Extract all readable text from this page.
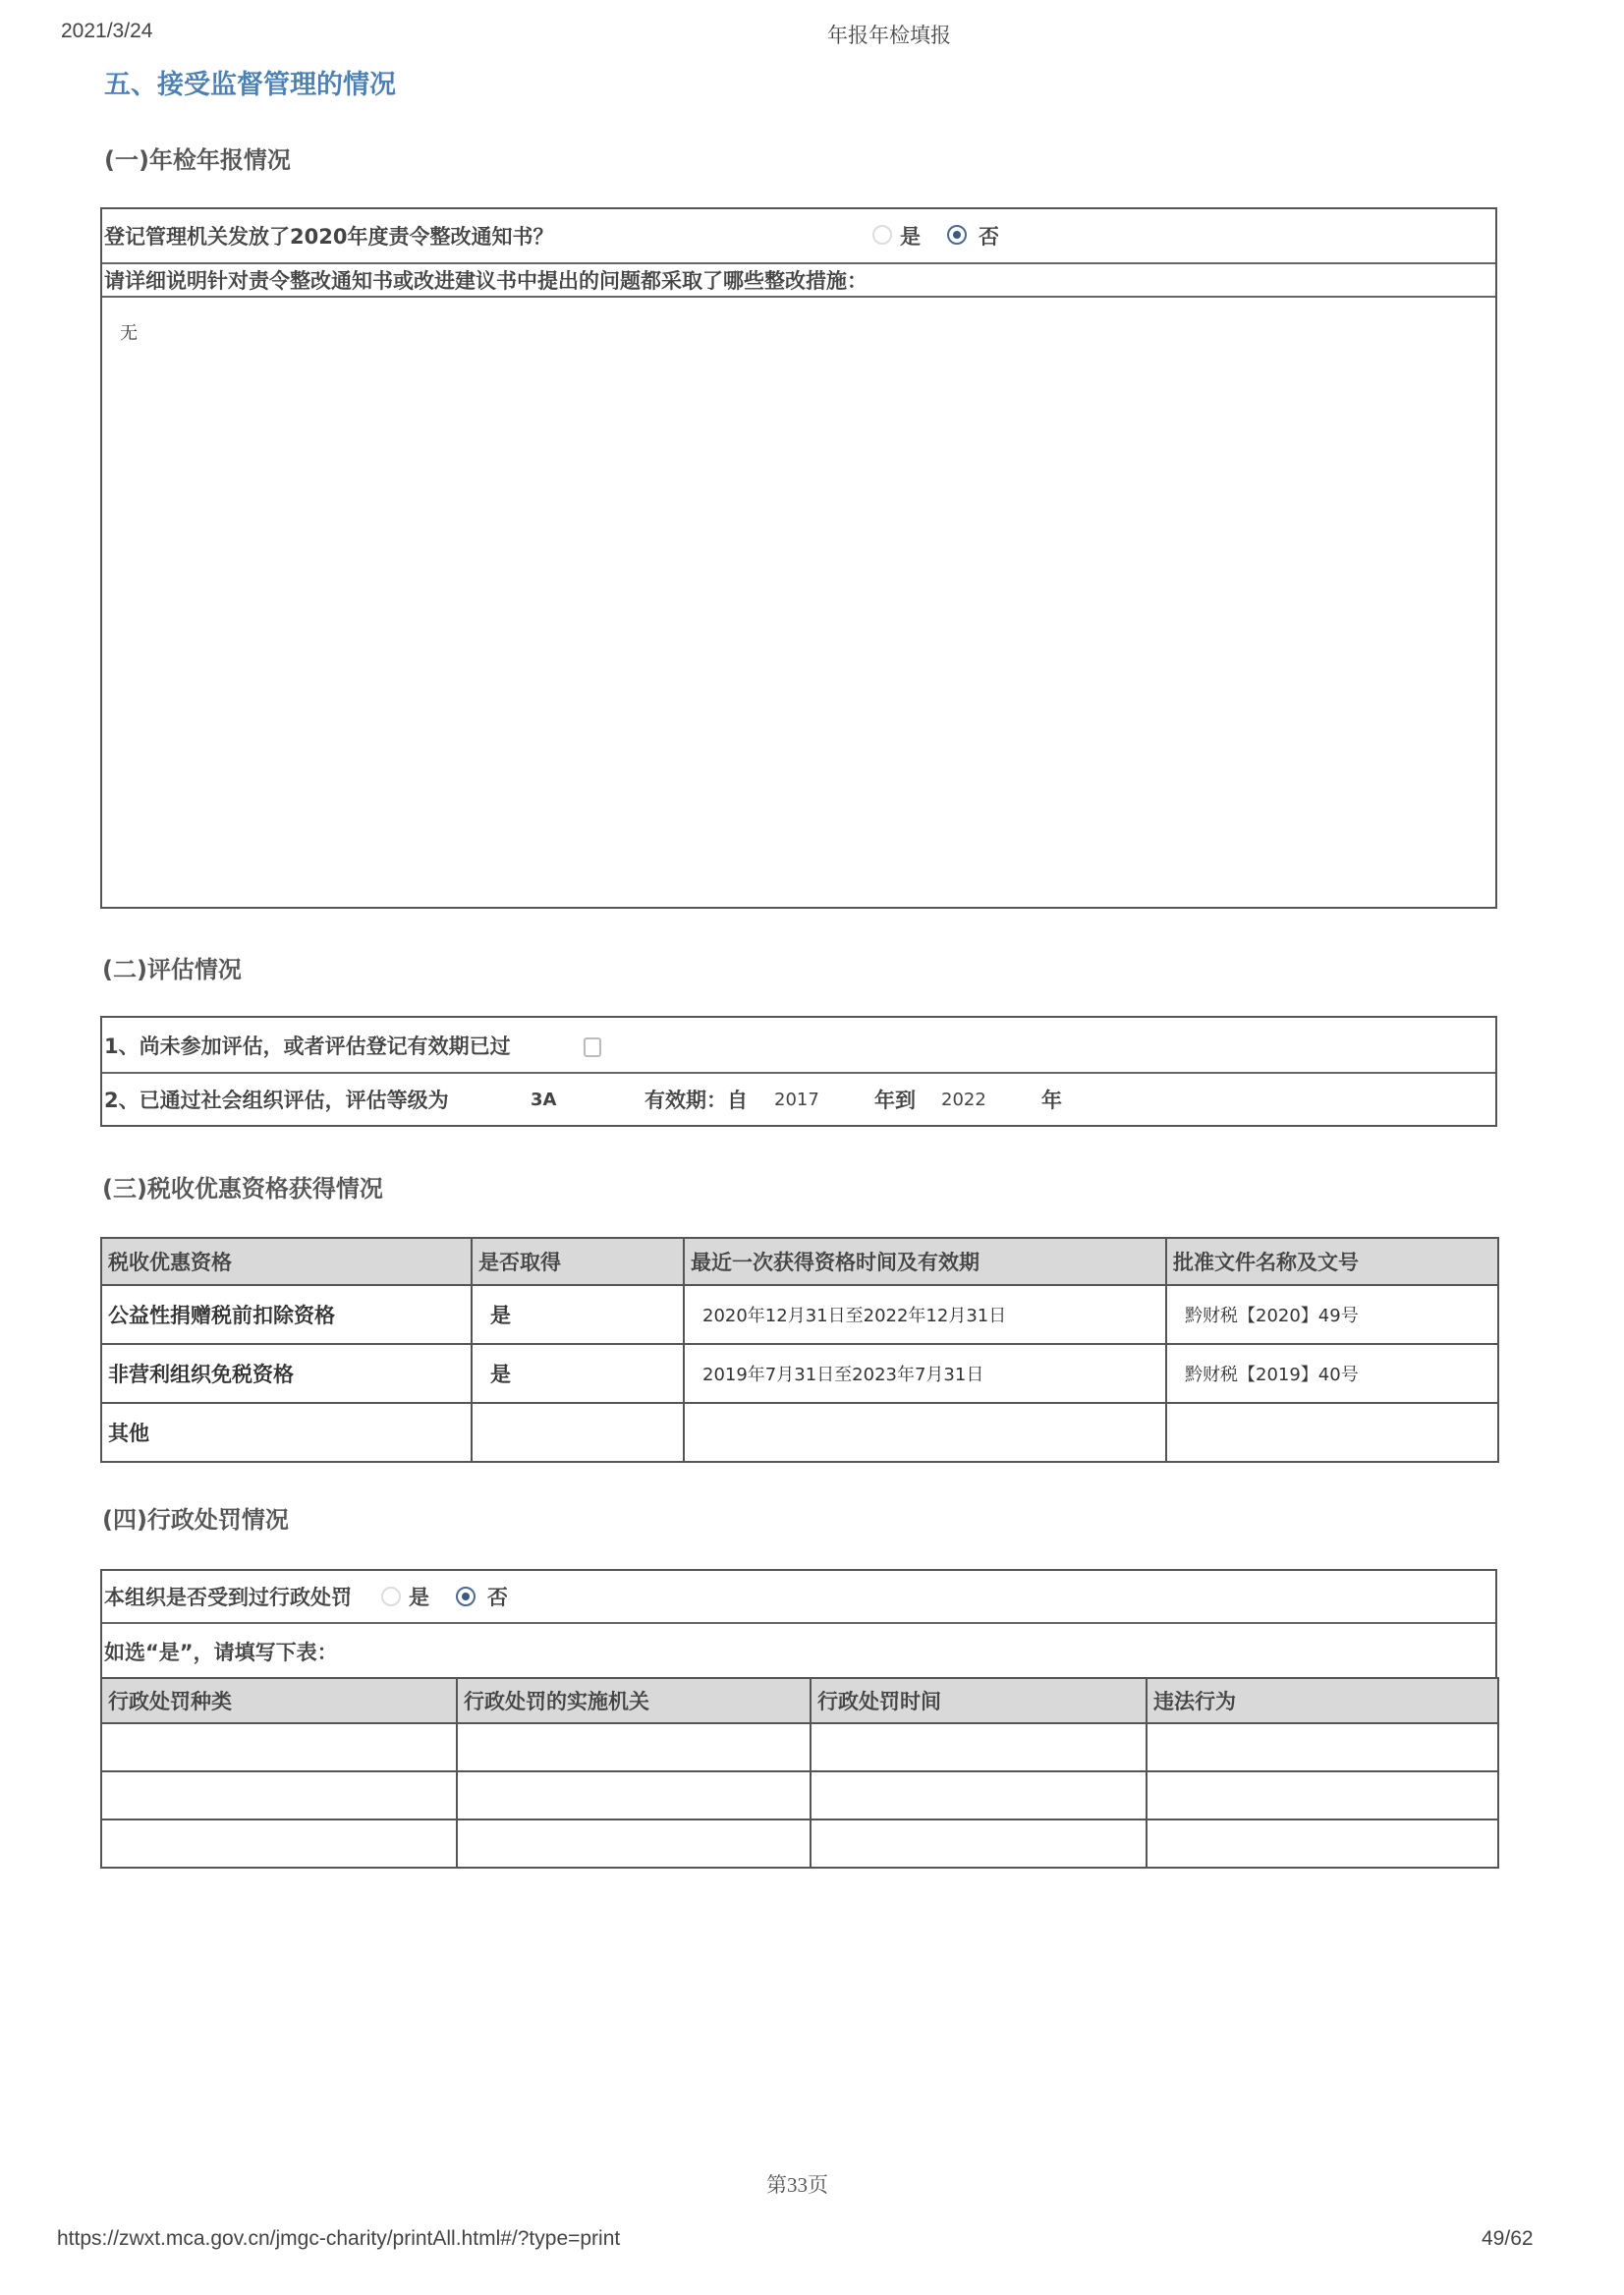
2021/3/24	年报年检填报
五、接受监督管理的情况
(一)年检年报情况
登记管理机关发放了2020年度责令整改通知书？	是	否
请详细说明针对责令整改通知书或改进建议书中提出的问题都采取了哪些整改措施：
无
(二)评估情况
1、尚未参加评估，或者评估登记有效期已过
2、已通过社会组织评估，评估等级为	3A	有效期：自 2017	年到 2022	年
(三)税收优惠资格获得情况
税收优惠资格	是否取得	最近一次获得资格时间及有效期	批准文件名称及文号
公益性捐赠税前扣除资格	是	2020年12月31日至2022年12月31日	黔财税【2020】49号
非营利组织免税资格	是	2019年7月31日至2023年7月31日	黔财税【2019】40号
其他			
(四)行政处罚情况
本组织是否受到过行政处罚	是	否
如选“是”，请填写下表：
行政处罚种类	行政处罚的实施机关	行政处罚时间	违法行为

第33页
https://zwxt.mca.gov.cn/jmgc-charity/printAll.html#/?type=print	49/62
